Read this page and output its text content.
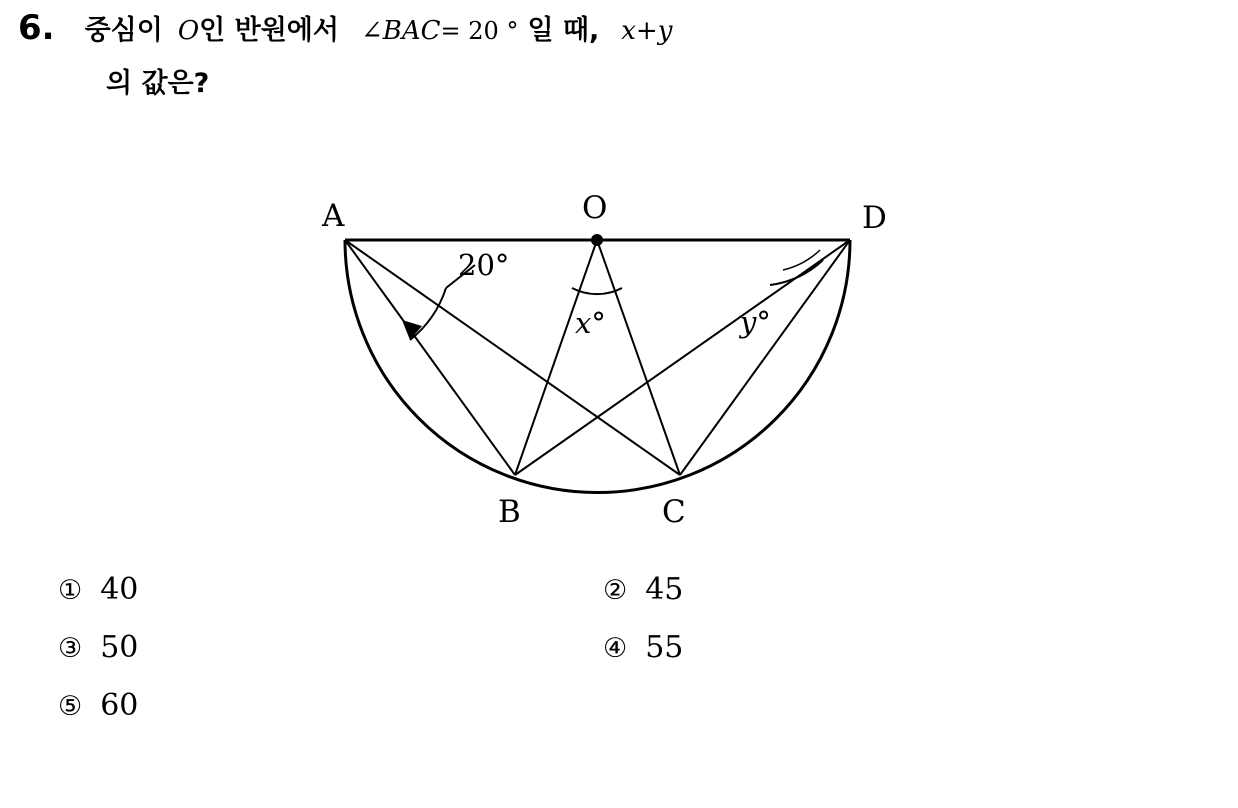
6. 중심이 O 인 반원에서 ∠BAC = 20 ° 일 때, x+y
의 값은?
A	O	D
B	C
20°
x°	y°
① 40	② 45
③ 50	④ 55
⑤ 60
